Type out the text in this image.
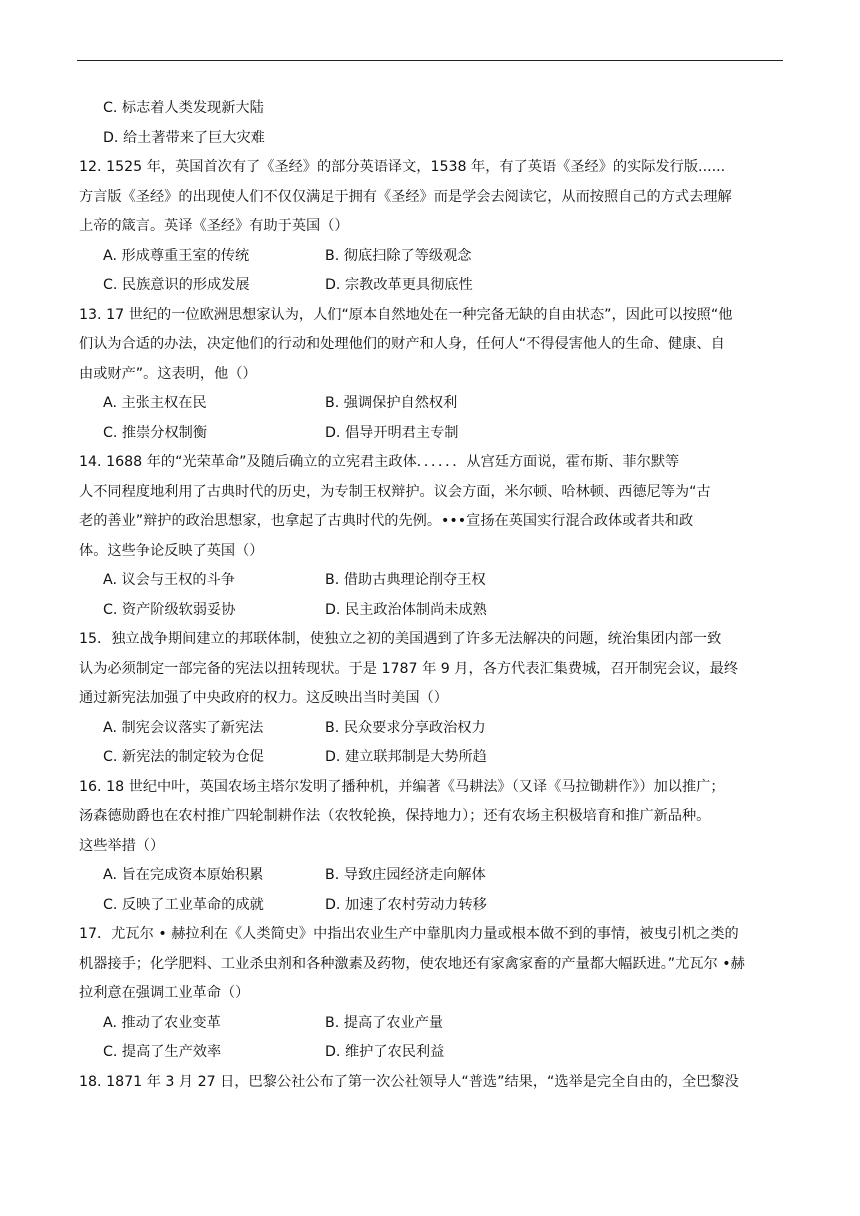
C. 标志着人类发现新大陆
D. 给土著带来了巨大灾难
12. 1525 年，英国首次有了《圣经》的部分英语译文，1538 年，有了英语《圣经》的实际发行版......
方言版《圣经》的出现使人们不仅仅满足于拥有《圣经》而是学会去阅读它，从而按照自己的方式去理解
上帝的箴言。英译《圣经》有助于英国（）
A. 形成尊重王室的传统	B. 彻底扫除了等级观念
C. 民族意识的形成发展	D. 宗教改革更具彻底性
13. 17 世纪的一位欧洲思想家认为，人们“原本自然地处在一种完备无缺的自由状态”，因此可以按照“他
们认为合适的办法，决定他们的行动和处理他们的财产和人身，任何人“不得侵害他人的生命、健康、自
由或财产”。这表明，他（）
A. 主张主权在民	B. 强调保护自然权利
C. 推崇分权制衡	D. 倡导开明君主专制
14. 1688 年的“光荣革命”及随后确立的立宪君主政体．．．．．．从宫廷方面说，霍布斯、菲尔默等
人不同程度地利用了古典时代的历史，为专制王权辩护。议会方面，米尔顿、哈林顿、西德尼等为“古
老的善业”辩护的政治思想家，也拿起了古典时代的先例。•••宣扬在英国实行混合政体或者共和政
体。这些争论反映了英国（）
A. 议会与王权的斗争	B. 借助古典理论削夺王权
C. 资产阶级软弱妥协	D. 民主政治体制尚未成熟
15．独立战争期间建立的邦联体制，使独立之初的美国遇到了许多无法解决的问题，统治集团内部一致
认为必须制定一部完备的宪法以扭转现状。于是 1787 年 9 月，各方代表汇集费城，召开制宪会议，最终
通过新宪法加强了中央政府的权力。这反映出当时美国（）
A. 制宪会议落实了新宪法	B. 民众要求分享政治权力
C. 新宪法的制定较为仓促	D. 建立联邦制是大势所趋
16. 18 世纪中叶，英国农场主塔尔发明了播种机，并编著《马耕法》（又译《马拉锄耕作》）加以推广；
汤森德勋爵也在农村推广四轮制耕作法（农牧轮换，保持地力）；还有农场主积极培育和推广新品种。
这些举措（）
A. 旨在完成资本原始积累	B. 导致庄园经济走向解体
C. 反映了工业革命的成就	D. 加速了农村劳动力转移
17．尤瓦尔 • 赫拉利在《人类简史》中指出农业生产中靠肌肉力量或根本做不到的事情，被曳引机之类的
机器接手；化学肥料、工业杀虫剂和各种激素及药物，使农地还有家禽家畜的产量都大幅跃进。”尤瓦尔 •赫
拉利意在强调工业革命（）
A. 推动了农业变革	B. 提高了农业产量
C. 提高了生产效率	D. 维护了农民利益
18. 1871 年 3 月 27 日，巴黎公社公布了第一次公社领导人“普选”结果，“选举是完全自由的，全巴黎没
